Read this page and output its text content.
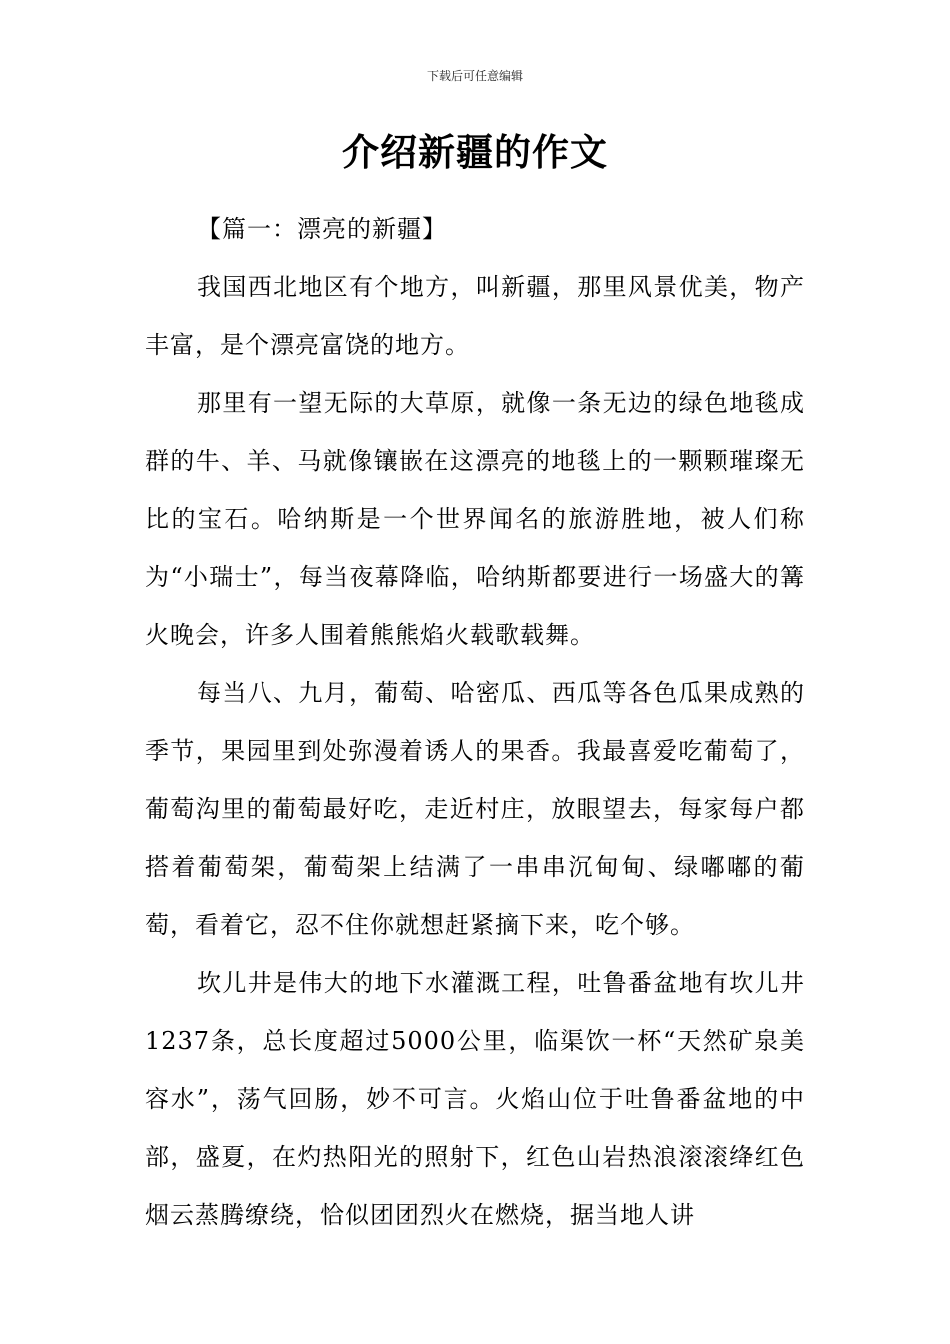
下载后可任意编辑
介绍新疆的作文

【篇一：漂亮的新疆】

我国西北地区有个地方，叫新疆，那里风景优美，物产丰富，是个漂亮富饶的地方。

那里有一望无际的大草原，就像一条无边的绿色地毯成群的牛、羊、马就像镶嵌在这漂亮的地毯上的一颗颗璀璨无比的宝石。哈纳斯是一个世界闻名的旅游胜地，被人们称为“小瑞士”，每当夜幕降临，哈纳斯都要进行一场盛大的篝火晚会，许多人围着熊熊焰火载歌载舞。

每当八、九月，葡萄、哈密瓜、西瓜等各色瓜果成熟的季节，果园里到处弥漫着诱人的果香。我最喜爱吃葡萄了，葡萄沟里的葡萄最好吃，走近村庄，放眼望去，每家每户都搭着葡萄架，葡萄架上结满了一串串沉甸甸、绿嘟嘟的葡萄，看着它，忍不住你就想赶紧摘下来，吃个够。

坎儿井是伟大的地下水灌溉工程，吐鲁番盆地有坎儿井1237条，总长度超过5000公里，临渠饮一杯“天然矿泉美容水”，荡气回肠，妙不可言。火焰山位于吐鲁番盆地的中部，盛夏，在灼热阳光的照射下，红色山岩热浪滚滚绛红色烟云蒸腾缭绕，恰似团团烈火在燃烧，据当地人讲
